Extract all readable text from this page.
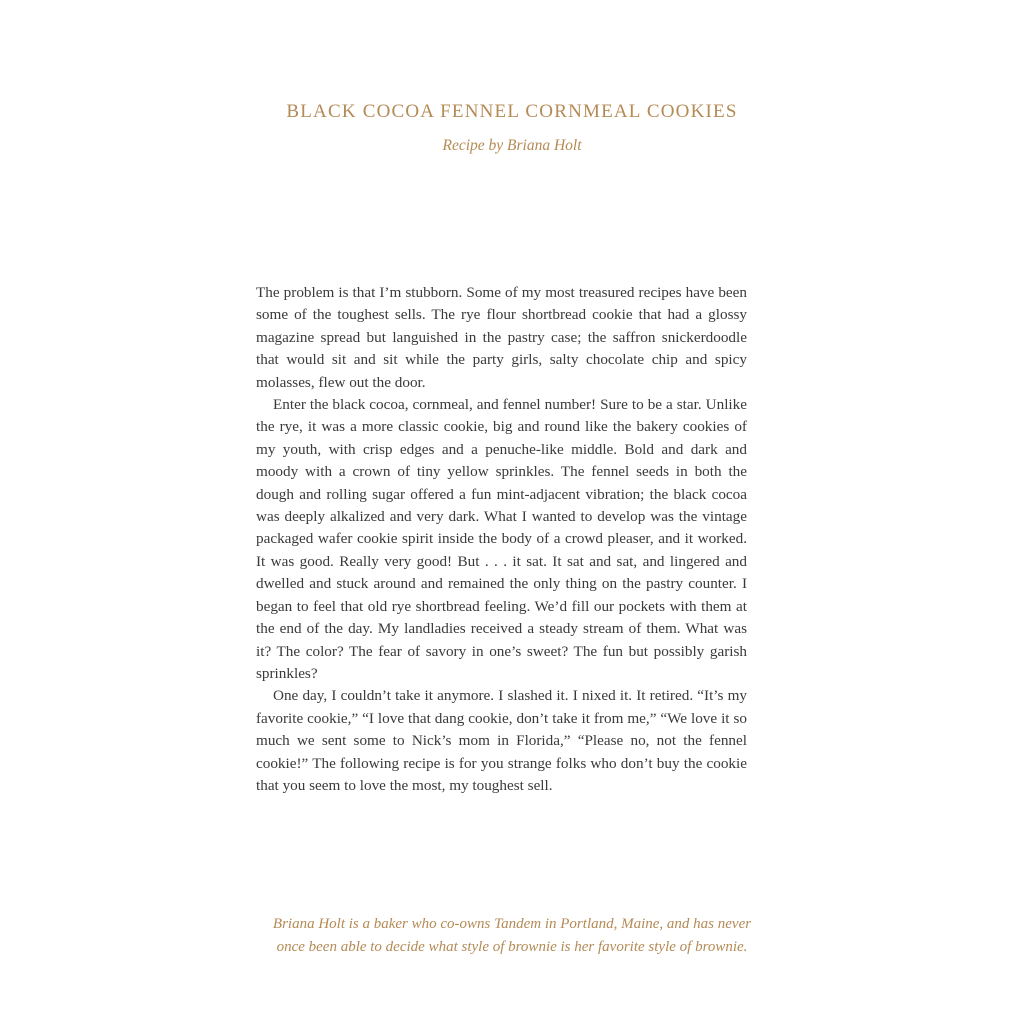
BLACK COCOA FENNEL CORNMEAL COOKIES

Recipe by Briana Holt

The problem is that I’m stubborn. Some of my most treasured recipes have been some of the toughest sells. The rye flour shortbread cookie that had a glossy magazine spread but languished in the pastry case; the saffron snickerdoodle that would sit and sit while the party girls, salty chocolate chip and spicy molasses, flew out the door.

Enter the black cocoa, cornmeal, and fennel number! Sure to be a star. Unlike the rye, it was a more classic cookie, big and round like the bakery cookies of my youth, with crisp edges and a penuche-like middle. Bold and dark and moody with a crown of tiny yellow sprinkles. The fennel seeds in both the dough and rolling sugar offered a fun mint-adjacent vibration; the black cocoa was deeply alkalized and very dark. What I wanted to develop was the vintage packaged wafer cookie spirit inside the body of a crowd pleaser, and it worked. It was good. Really very good! But . . . it sat. It sat and sat, and lingered and dwelled and stuck around and remained the only thing on the pastry counter. I began to feel that old rye shortbread feeling. We’d fill our pockets with them at the end of the day. My landladies received a steady stream of them. What was it? The color? The fear of savory in one’s sweet? The fun but possibly garish sprinkles?

One day, I couldn’t take it anymore. I slashed it. I nixed it. It retired. “It’s my favorite cookie,” “I love that dang cookie, don’t take it from me,” “We love it so much we sent some to Nick’s mom in Florida,” “Please no, not the fennel cookie!” The following recipe is for you strange folks who don’t buy the cookie that you seem to love the most, my toughest sell.

Briana Holt is a baker who co-owns Tandem in Portland, Maine, and has never once been able to decide what style of brownie is her favorite style of brownie.
